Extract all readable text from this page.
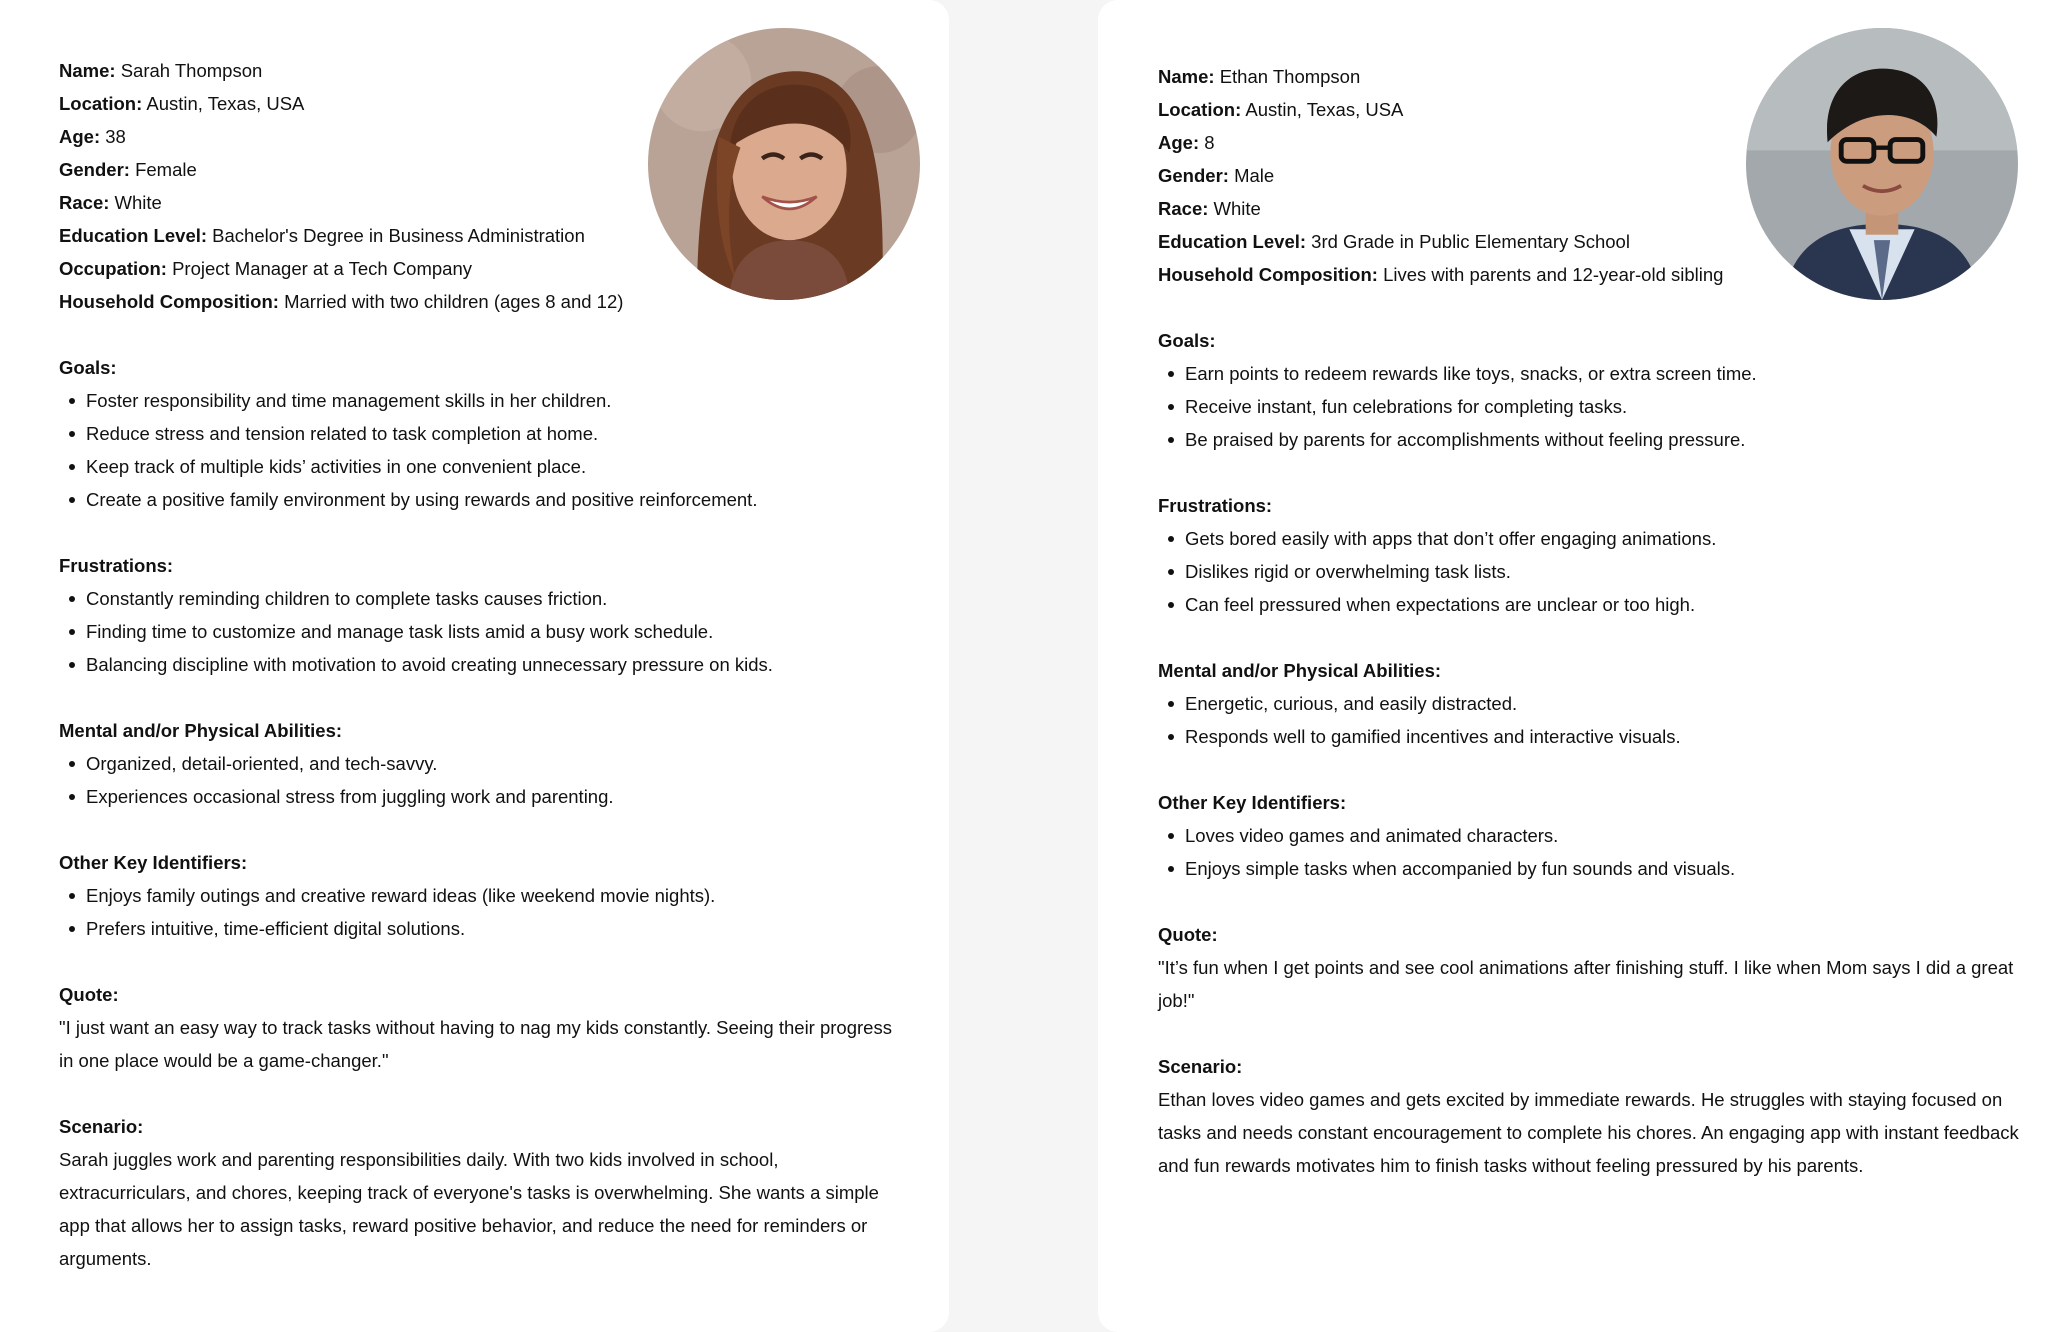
Name: Sarah Thompson
Location: Austin, Texas, USA
Age: 38
Gender: Female
Race: White
Education Level: Bachelor's Degree in Business Administration
Occupation: Project Manager at a Tech Company
Household Composition: Married with two children (ages 8 and 12)
Goals:
Foster responsibility and time management skills in her children.
Reduce stress and tension related to task completion at home.
Keep track of multiple kids’ activities in one convenient place.
Create a positive family environment by using rewards and positive reinforcement.
Frustrations:
Constantly reminding children to complete tasks causes friction.
Finding time to customize and manage task lists amid a busy work schedule.
Balancing discipline with motivation to avoid creating unnecessary pressure on kids.
Mental and/or Physical Abilities:
Organized, detail-oriented, and tech-savvy.
Experiences occasional stress from juggling work and parenting.
Other Key Identifiers:
Enjoys family outings and creative reward ideas (like weekend movie nights).
Prefers intuitive, time-efficient digital solutions.
Quote:
"I just want an easy way to track tasks without having to nag my kids constantly. Seeing their progress in one place would be a game-changer."
Scenario:
Sarah juggles work and parenting responsibilities daily. With two kids involved in school, extracurriculars, and chores, keeping track of everyone's tasks is overwhelming. She wants a simple app that allows her to assign tasks, reward positive behavior, and reduce the need for reminders or arguments.
Name: Ethan Thompson
Location: Austin, Texas, USA
Age: 8
Gender: Male
Race: White
Education Level: 3rd Grade in Public Elementary School
Household Composition: Lives with parents and 12-year-old sibling
Goals:
Earn points to redeem rewards like toys, snacks, or extra screen time.
Receive instant, fun celebrations for completing tasks.
Be praised by parents for accomplishments without feeling pressure.
Frustrations:
Gets bored easily with apps that don’t offer engaging animations.
Dislikes rigid or overwhelming task lists.
Can feel pressured when expectations are unclear or too high.
Mental and/or Physical Abilities:
Energetic, curious, and easily distracted.
Responds well to gamified incentives and interactive visuals.
Other Key Identifiers:
Loves video games and animated characters.
Enjoys simple tasks when accompanied by fun sounds and visuals.
Quote:
"It’s fun when I get points and see cool animations after finishing stuff. I like when Mom says I did a great job!"
Scenario:
Ethan loves video games and gets excited by immediate rewards. He struggles with staying focused on tasks and needs constant encouragement to complete his chores. An engaging app with instant feedback and fun rewards motivates him to finish tasks without feeling pressured by his parents.
